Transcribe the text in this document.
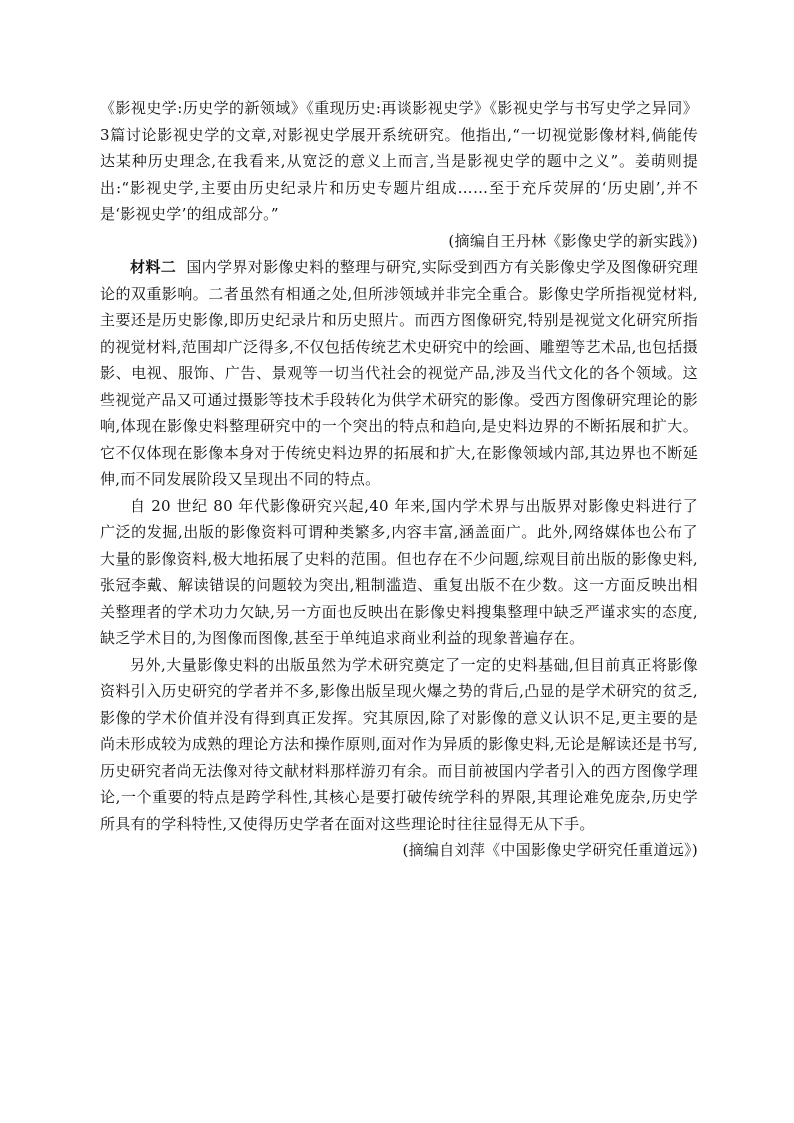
《影视史学:历史学的新领域》《重现历史:再谈影视史学》《影视史学与书写史学之异同》3篇讨论影视史学的文章,对影视史学展开系统研究。他指出,“一切视觉影像材料,倘能传达某种历史理念,在我看来,从宽泛的意义上而言,当是影视史学的题中之义”。姜萌则提出:“影视史学,主要由历史纪录片和历史专题片组成……至于充斥荧屏的‘历史剧’,并不是‘影视史学’的组成部分。”

(摘编自王丹林《影像史学的新实践》)

材料二 国内学界对影像史料的整理与研究,实际受到西方有关影像史学及图像研究理论的双重影响。二者虽然有相通之处,但所涉领域并非完全重合。影像史学所指视觉材料,主要还是历史影像,即历史纪录片和历史照片。而西方图像研究,特别是视觉文化研究所指的视觉材料,范围却广泛得多,不仅包括传统艺术史研究中的绘画、雕塑等艺术品,也包括摄影、电视、服饰、广告、景观等一切当代社会的视觉产品,涉及当代文化的各个领域。这些视觉产品又可通过摄影等技术手段转化为供学术研究的影像。受西方图像研究理论的影响,体现在影像史料整理研究中的一个突出的特点和趋向,是史料边界的不断拓展和扩大。它不仅体现在影像本身对于传统史料边界的拓展和扩大,在影像领域内部,其边界也不断延伸,而不同发展阶段又呈现出不同的特点。

自 20 世纪 80 年代影像研究兴起,40 年来,国内学术界与出版界对影像史料进行了广泛的发掘,出版的影像资料可谓种类繁多,内容丰富,涵盖面广。此外,网络媒体也公布了大量的影像资料,极大地拓展了史料的范围。但也存在不少问题,综观目前出版的影像史料,张冠李戴、解读错误的问题较为突出,粗制滥造、重复出版不在少数。这一方面反映出相关整理者的学术功力欠缺,另一方面也反映出在影像史料搜集整理中缺乏严谨求实的态度,缺乏学术目的,为图像而图像,甚至于单纯追求商业利益的现象普遍存在。

另外,大量影像史料的出版虽然为学术研究奠定了一定的史料基础,但目前真正将影像资料引入历史研究的学者并不多,影像出版呈现火爆之势的背后,凸显的是学术研究的贫乏,影像的学术价值并没有得到真正发挥。究其原因,除了对影像的意义认识不足,更主要的是尚未形成较为成熟的理论方法和操作原则,面对作为异质的影像史料,无论是解读还是书写,历史研究者尚无法像对待文献材料那样游刃有余。而目前被国内学者引入的西方图像学理论,一个重要的特点是跨学科性,其核心是要打破传统学科的界限,其理论难免庞杂,历史学所具有的学科特性,又使得历史学者在面对这些理论时往往显得无从下手。

(摘编自刘萍《中国影像史学研究任重道远》)
